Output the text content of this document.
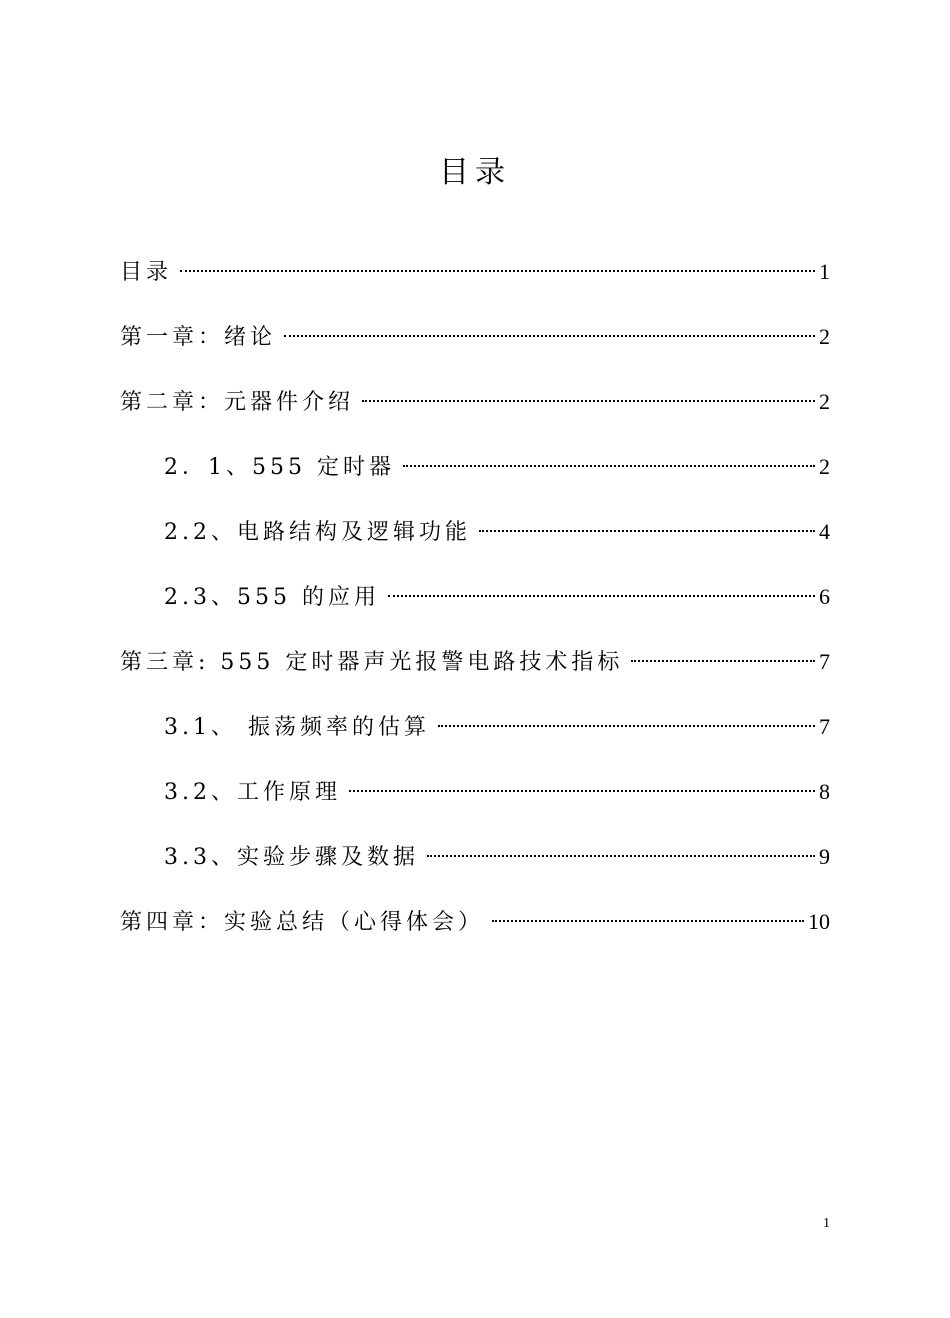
目录
目录	1
第一章：绪论	2
第二章：元器件介绍	2
2．1、555 定时器	2
2.2、电路结构及逻辑功能	4
2.3、555 的应用	6
第三章: 555 定时器声光报警电路技术指标	7
3.1、 振荡频率的估算	7
3.2、工作原理	8
3.3、实验步骤及数据	9
第四章：实验总结（心得体会）	10
1
